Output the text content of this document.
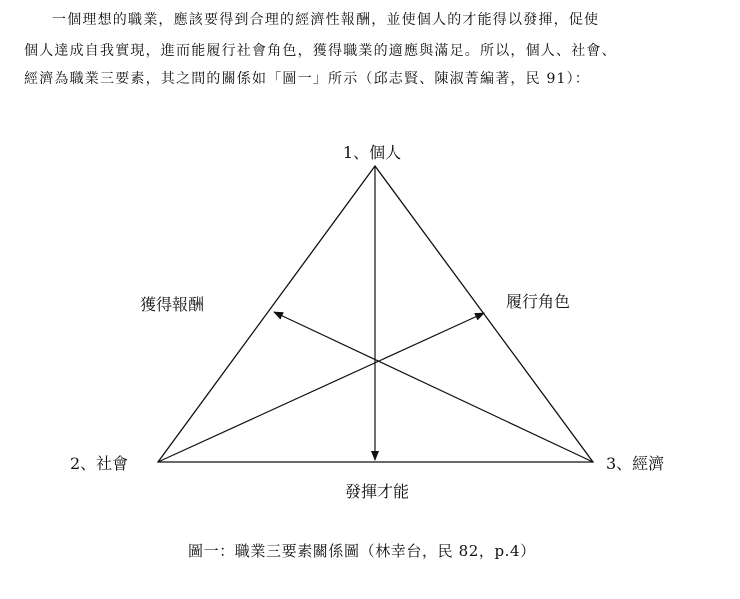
一個理想的職業，應該要得到合理的經濟性報酬，並使個人的才能得以發揮，促使
個人達成自我實現，進而能履行社會角色，獲得職業的適應與滿足。所以，個人、社會、
經濟為職業三要素，其之間的關係如「圖一」所示（邱志賢、陳淑菁編著，民 91）：
1、個人
2、社會	3、經濟
獲得報酬	履行角色
發揮才能
圖一：職業三要素關係圖（林幸台，民 82，p.4）
